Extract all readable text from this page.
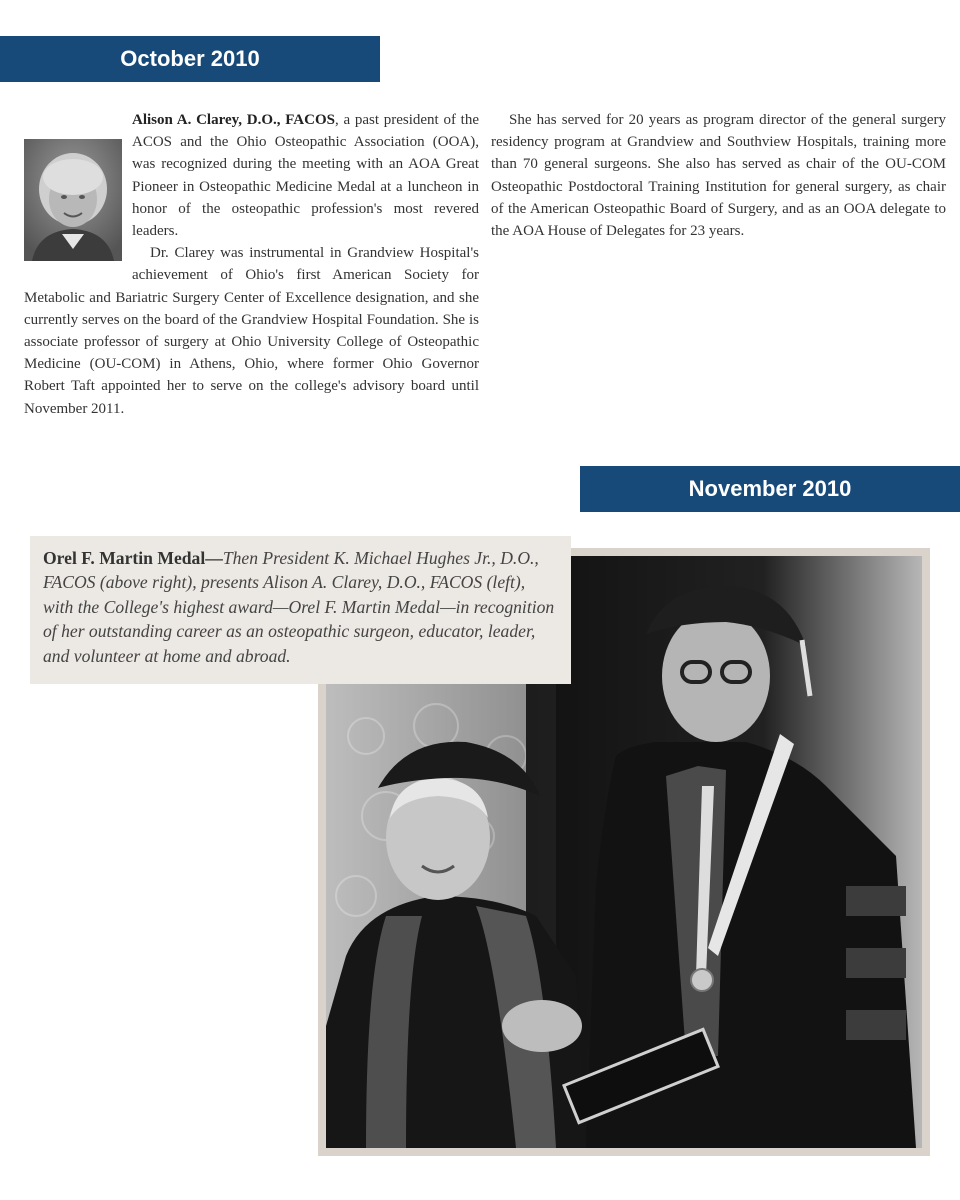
October 2010

Alison A. Clarey, D.O., FACOS, a past president of the ACOS and the Ohio Osteopathic Association (OOA), was recognized during the meeting with an AOA Great Pioneer in Osteopathic Medicine Medal at a luncheon in honor of the osteopathic profession's most revered leaders.

Dr. Clarey was instrumental in Grandview Hospital's achievement of Ohio's first American Society for Metabolic and Bariatric Surgery Center of Excellence designation, and she currently serves on the board of the Grandview Hospital Foundation. She is associate professor of surgery at Ohio University College of Osteopathic Medicine (OU-COM) in Athens, Ohio, where former Ohio Governor Robert Taft appointed her to serve on the college's advisory board until November 2011.

She has served for 20 years as program director of the general surgery residency program at Grandview and Southview Hospitals, training more than 70 general surgeons. She also has served as chair of the OU-COM Osteopathic Postdoctoral Training Institution for general surgery, as chair of the American Osteopathic Board of Surgery, and as an OOA delegate to the AOA House of Delegates for 23 years.

November 2010
Orel F. Martin Medal—Then President K. Michael Hughes Jr., D.O., FACOS (above right), presents Alison A. Clarey, D.O., FACOS (left), with the College's highest award—Orel F. Martin Medal—in recognition of her outstanding career as an osteopathic surgeon, educator, leader, and volunteer at home and abroad.
